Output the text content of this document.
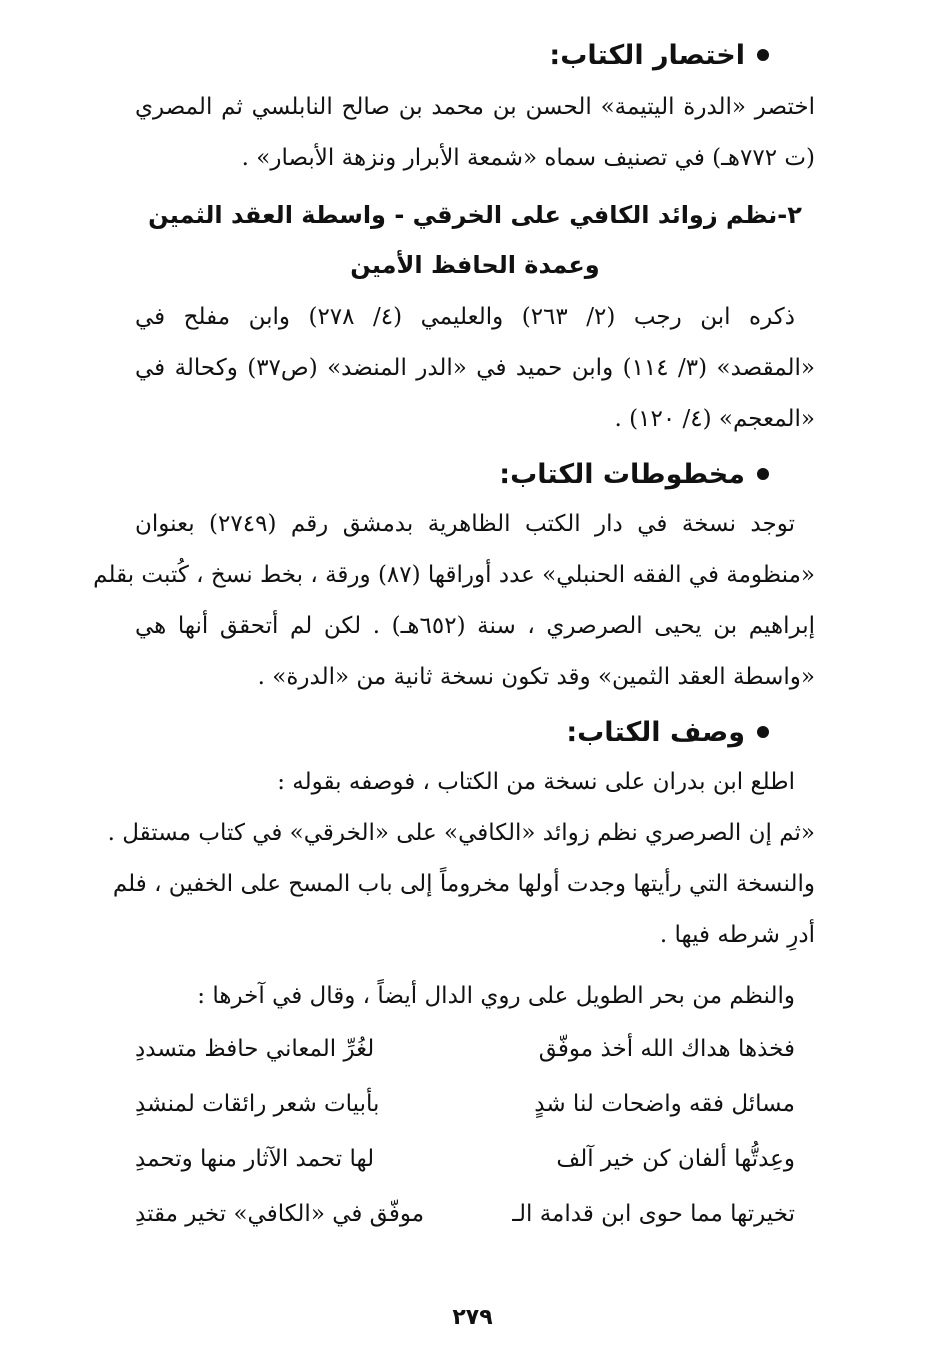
اختصار الكتاب:
اختصر «الدرة اليتيمة» الحسن بن محمد بن صالح النابلسي ثم المصري
(ت ٧٧٢هـ) في تصنيف سماه «شمعة الأبرار ونزهة الأبصار» .
٢-نظم زوائد الكافي على الخرقي - واسطة العقد الثمين
وعمدة الحافظ الأمين
ذكره ابن رجب (٢/ ٢٦٣) والعليمي (٤/ ٢٧٨) وابن مفلح في
«المقصد» (٣/ ١١٤) وابن حميد في «الدر المنضد» (ص٣٧) وكحالة في
«المعجم» (٤/ ١٢٠) .
مخطوطات الكتاب:
توجد نسخة في دار الكتب الظاهرية بدمشق رقم (٢٧٤٩) بعنوان
«منظومة في الفقه الحنبلي» عدد أوراقها (٨٧) ورقة ، بخط نسخ ، كُتبت بقلم
إبراهيم بن يحيى الصرصري ، سنة (٦٥٢هـ) . لكن لم أتحقق أنها هي
«واسطة العقد الثمين» وقد تكون نسخة ثانية من «الدرة» .
وصف الكتاب:
اطلع ابن بدران على نسخة من الكتاب ، فوصفه بقوله :
«ثم إن الصرصري نظم زوائد «الكافي» على «الخرقي» في كتاب مستقل .
والنسخة التي رأيتها وجدت أولها مخروماً إلى باب المسح على الخفين ، فلم
أدرِ شرطه فيها .
والنظم من بحر الطويل على روي الدال أيضاً ، وقال في آخرها :
فخذها هداك الله أخذ موفّق
لغُرِّ المعاني حافظ متسددِ
مسائل فقه واضحات لنا شدٍ
بأبيات شعر رائقات لمنشدِ
وعِدتُّها ألفان كن خير آلف
لها تحمد الآثار منها وتحمدِ
تخيرتها مما حوى ابن قدامة الـ
موفّق في «الكافي» تخير مقتدِ
٢٧٩
